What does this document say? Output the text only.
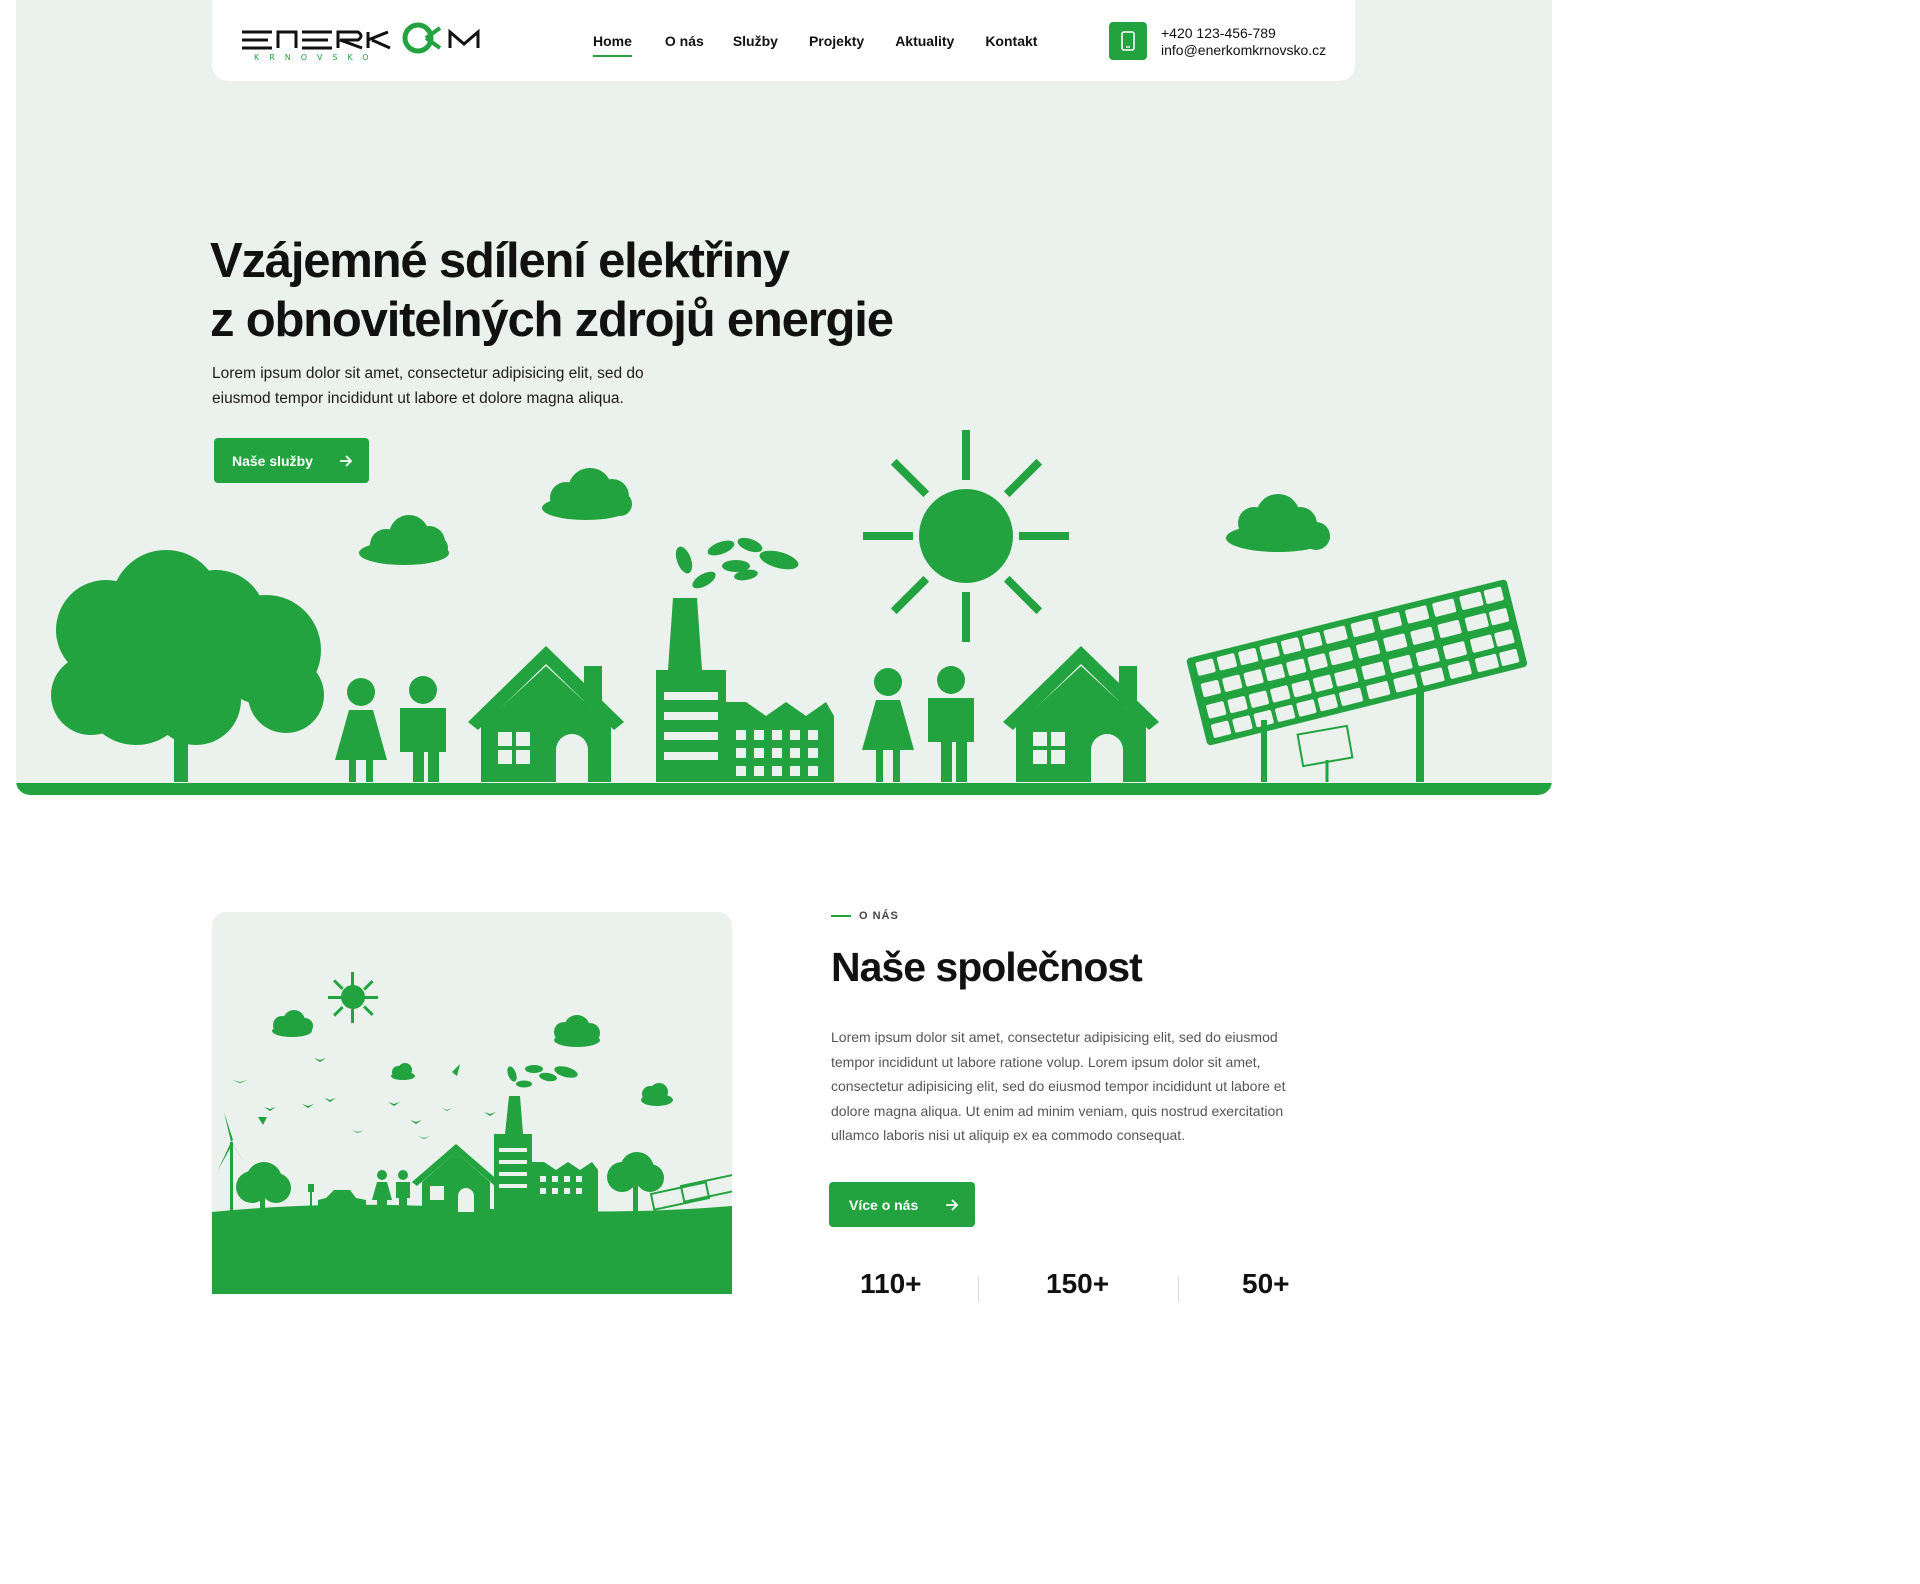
KRNOVSKO
Home O nás Služby Projekty Aktuality Kontakt	+420 123-456-789
info@enerkomkrnovsko.cz
Vzájemné sdílení elektřiny
z obnovitelných zdrojů energie

Lorem ipsum dolor sit amet, consectetur adipisicing elit, sed do
eiusmod tempor incididunt ut labore et dolore magna aliqua.

Naše služby
O NÁS
Naše společnost

Lorem ipsum dolor sit amet, consectetur adipisicing elit, sed do eiusmod tempor incididunt ut labore ratione volup. Lorem ipsum dolor sit amet, consectetur adipisicing elit, sed do eiusmod tempor incididunt ut labore et dolore magna aliqua. Ut enim ad minim veniam, quis nostrud exercitation ullamco laboris nisi ut aliquip ex ea commodo consequat.

Více o nás
110+	150+	50+
